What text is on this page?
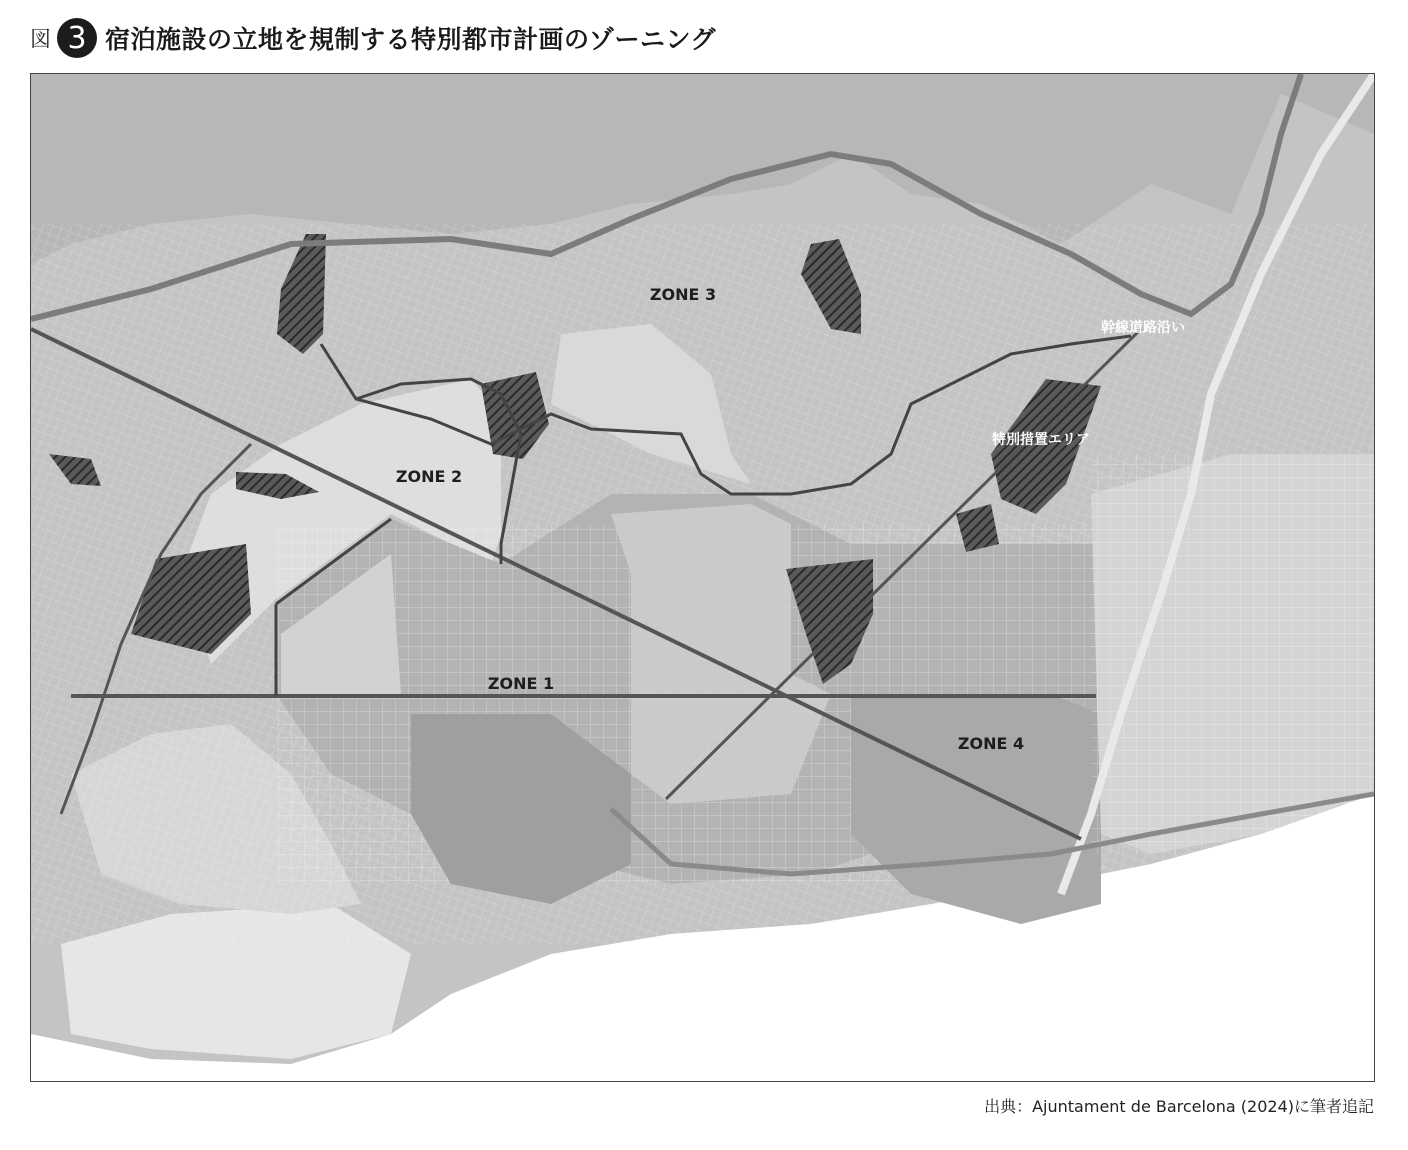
図 3 宿泊施設の立地を規制する特別都市計画のゾーニング
ZONE 1
ZONE 2
ZONE 3
ZONE 4
特別措置エリア
幹線道路沿い
出典：Ajuntament de Barcelona (2024)に筆者追記
